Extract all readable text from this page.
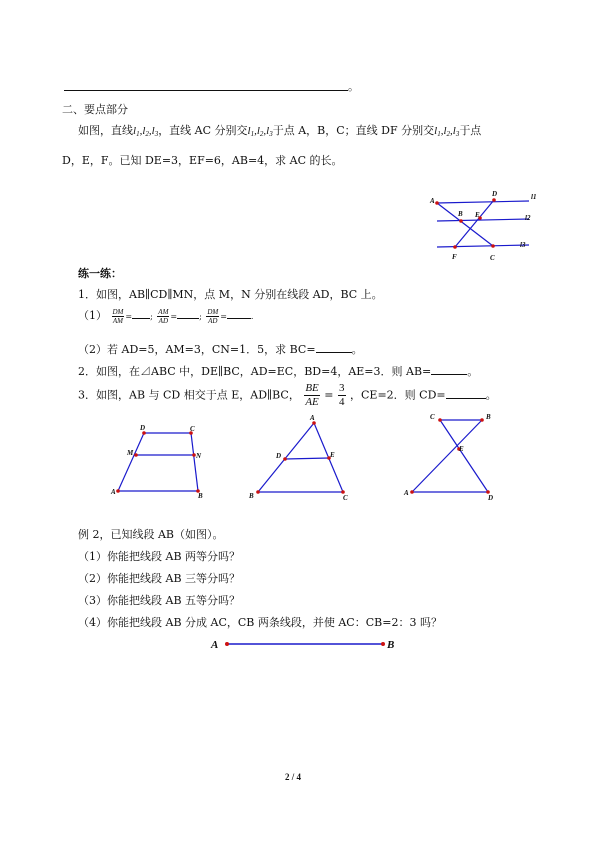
。
二、要点部分
如图，直线$l_1,l_2,l_3$，直线 AC 分别交$l_1,l_2,l_3$于点 A，B，C；直线 DF 分别交$l_1,l_2,l_3$于点
D，E，F。已知 DE=3，EF=6，AB=4，求 AC 的长。
A
B
C
D
E
F
l1
l2
l3
练一练：
1．如图，AB∥CD∥MN，点 M，N 分别在线段 AD，BC 上。
$(1) \frac{DM}{AM}$ = ; $\frac{AM}{AD}$ =	; $\frac{DM}{AD}$ =	.
（2）若 AD=5，AM=3，CN=1．5，求 BC=	。
2．如图，在⊿ABC 中，DE∥BC，AD=EC，BD=4，AE=3．则 AB=	。
3．如图，AB 与 CD 相交于点 E，AD∥BC， $\frac{BE}{AE} = \frac{3}{4}$ ，CE=2．则 CD=	。
D	C
M	N
A	B
A
D	E
B	C
C	B
E
A
D
例 2，已知线段 AB（如图）。
（1）你能把线段 AB 两等分吗？
（2）你能把线段 AB 三等分吗？
（3）你能把线段 AB 五等分吗？
（4）你能把线段 AB 分成 AC，CB 两条线段，并使 AC：CB=2：3 吗？
A	B
2 / 4
